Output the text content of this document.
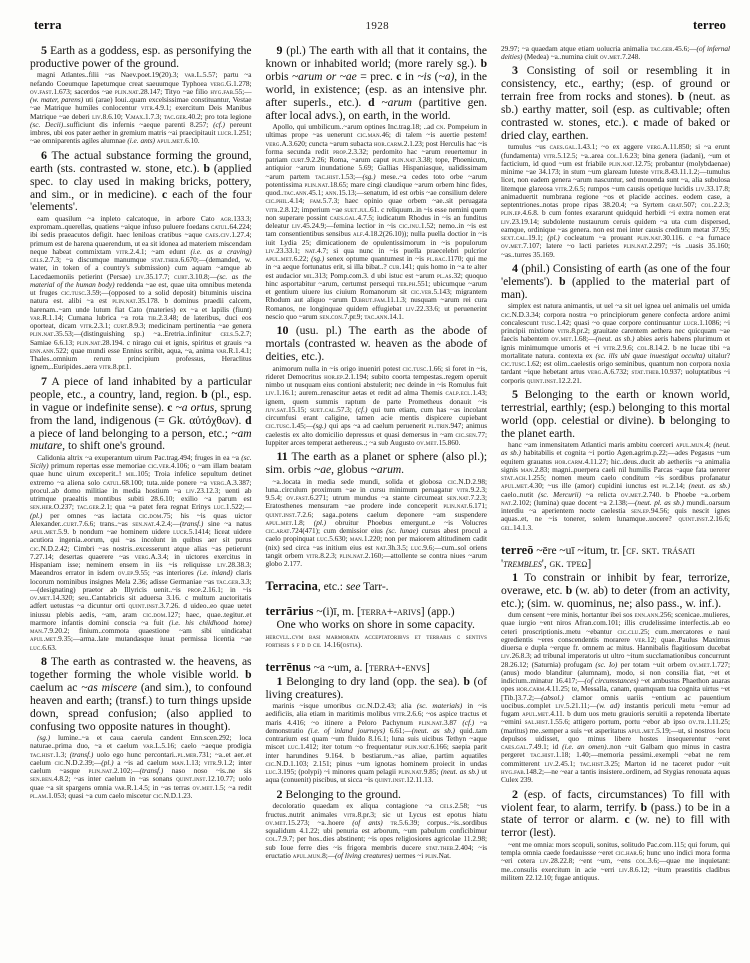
terra	1928	terreo

5 Earth as a goddess, esp. as personifying the productive power of the ground.

magni Atlantes..filii ~as Naev.poet.19(20).3; var.L.5.57; partu ~a nefando Coeumque Iapetumque creat saeuumque Typhoea verg.G.1.278; ov.fast.1.673; sacerdos ~ae plin.nat.28.147; Tityo ~ae filio hyg.fab.55;—(w. mater, parens) uti (arae) Ioui..quam excelsissimae constituantur, Vestae ~ae Matrique humiles conlocentur vitr.4.9.1; exercitum Deis Manibus Matrique ~ae deberi liv.8.6.10; V.max.1.7.3; tac.ger.40.2; pro tota legione (sc. Decii)..sufficiunt dis infernis ~aeque parenti 8.257; (cf.) pereunt imbres, ubi eos pater aether in gremium matris ~ai praecipitauit lucr.1.251; ~ae omniparentis agiles alumnae (i.e. ants) apul.met.6.10.

6 The actual substance forming the ground, earth (sts. contrasted w. stone, etc.). b (applied spec. to clay used in making bricks, pottery, and sim., or in medicine). c each of the four 'elements'.

eam quasilum ~a inpleto calcatoque, in arbore Cato agr.133.3; expromam..querellas, quatiens ~aique infuso puluere foedans catul.64.224; ibi sedis praeacutos defigit. haec leniloas cratibus ~aque caes.civ.1.27.4; primum est de harena quaerendum, ut ea sit idonea ad materiem miscendam neque habeat commixtam vitr.2.4.1; ~am edunt (i.e. as a craving) cels.2.7.3; ~a discumque manumque stat.theb.6.670;—(demanded, w. water, in token of a country's submission) cum aquam ~amque ab Lacedaemoniis petierint (Persae) liv.35.17.7; curt.3.10.8;—(sc. as the material of the human body) reddenda ~ae est, quae uita omnibus metenda ut fruges cic.tusc.3.59;—(opposed to a solid deposit) bituminis uiscina natura est. alibi ~a est plin.nat.35.178. b dominus praedii calcem, harenam..~am unde lutum fiat Cato (materies) ex ~a et lapilis (fiunt) var.R.1.14; Cumana lubrica ~a rota tib.2.3.48; de lateribus, duci eos oporteat, dicam vitr.2.3.1; curt.8.9.3; medicinam pertinentia ~ae genera plin.nat.35.53;—(distinguishing sp.) ~a..Eretria..infinitur cels.5.2.7; Samiae 6.6.13; plin.nat.28.194. c nirago cui et ignis, spiritus et grauis ~a enn.ann.522; quae mundi esse Ennius scribit, aqua, ~a, anima var.R.1.4.1; Thales..omnium rerum principium professus, Heraclitus ignem,..Euripides..aera vitr.8.pr.1.

7 A piece of land inhabited by a particular people, etc., a country, land, region. b (pl., esp. in vague or indefinite sense). c ~a ortus, sprung from the land, indigenous (= Gk. αὐτόχθων). d a piece of land belonging to a person, etc.; ~am mutare, to shift one's ground.

Calidonia altrix ~a exuperantum uirum Pac.trag.494; fruges in ea ~a (sc. Sicily) primum repertas esse memoriae cic.ver.4.106; o ~am illam beatam quae hunc uirum exceperit..! mil.105; Troia infelice sepultum detinet extremo ~a aliena solo catul.68.100; tuta..uide ponere ~a verg.A.3.387; procul..ab domo militiae in media hostium ~a liv.23.12.3; uenti ab utrimque praealtis montibus subiti 28.6.10; exilio ~a parum est sen.her.O.237; tac.ger.2.1; qua ~a patet fera regnat Erinys luc.1.522;—(pl.) per omnes ~as iactata cic.dom.75; his ~is quas uictor Alexander..curt.7.6.6; trans..~as sen.nat.4.2.4;—(transf.) sine ~a natus apul.met.5.9. b nondum ~ae hominem uidere lucr.5.1414; liceat uidere acutiora ingenia..eorum, qui ~as incolunt in quibus aer sit purus cic.N.D.2.42; Cimbri ~as nostris..excesserunt atque alias ~as petierunt 7.27.14; desertas quaerere ~as verg.A.3.4; in uictores exercitus in Hispaniam isse; neminem ensem in iis ~is reliquisse liv.28.38.3; Maeandros errator in isdem ov.ep.9.55; ~as interiores (i.e. inland) claris locorum nominibus insignes Mela 2.36; adisse Germaniae ~as tac.ger.3.3;—(designating) praetor ab Illyricis uenit..~is prop.2.16.1; in ~is ov.met.14.320; seu..Cantabricis sit aduersa 3.16. c multum auctoritatis adfert uetustas ~a dicuntur orti quint.inst.3.7.26. d uideo..eo quae uetet iniussu plebis aedis, ~am, aram cic.dom.127; haec, quae..tegitur..et marmore infantis domini conscia ~a fuit (i.e. his childhood home) man.7.9.20.2; finium..commota quaestione ~am sibi uindicabat apul.met.9.35;—arma..late mutandasque iuuat permissa licentia ~ae luc.6.63.

8 The earth as contrasted w. the heavens, as together forming the whole visible world. b caelum ac ~as miscere (and sim.), to confound heaven and earth; (transf.) to turn things upside down, spread confusion; (also applied to confusing two opposite natures in thought).

(sg.) lumine..~a et caua caerula candent Enn.scen.292; loca naturae..prima duo, ~a et caelum var.L.5.16; caelo ~aeque prodigia tac.hist.1.3; (transf.) uolo ego hunc percontari..pl.mer.731; ~a..et aer..et caelum cic.N.D.2.39;—(pl.) a ~is ad caelum man.1.13; vitr.9.1.2; inter caelum ~asque plin.nat.2.102;—(transf.) naso noso ~is..ne sis sen.ben.4.8.2; ~as inter caelum in ~as sonans quint.inst.12.10.77; uolo quae ~a sit spargens omnia var.R.1.4.5; in ~as terras ov.met.1.5; ~a redit pl.am.1.053; quasi ~a cum caelo miscetur cic.N.D.1.23.

9 (pl.) The earth with all that it contains, the known or inhabited world; (more rarely sg.). b orbis ~arum or ~ae = prec. c in ~is (~a), in the world, in existence; (esp. as an intensive phr. after superls., etc.). d ~arum (partitive gen. after local advs.), on earth, in the world.

Apollo, qui umbilicum..~arum optines Inc.trag.18; ..ad cn. Pompeium in ultimas prope ~as uenerunt cic.man.46; di talem ~is auertie pestem! verg.A.3.620; cuncta ~arum subacta hor.carm.2.1.23; post Herculis hac ~is forma secunda redit prop.2.3.32; perdomito hac ~arum reuertemur in patriam curt.9.2.26; Roma, ~arum caput plin.nat.3.38; tope, Phoenicum, antiquior ~arum inundatione 5.69; Gallias Hispaniasque, ualidissimam ~arum partem tac.hist.1.53;—(sg.) mese..~a cedes toto orbe ~arum potentissima plin.nat.18.65; mare cingi claudique ~arum orbem hinc fides, quod..tac.ann.45.1; ann.15.13;—senatum, id est orbis ~ae consilium delere cic.phil.4.14; fam.5.7.3; haec opinio quae orbem ~ae..sit peruagata vitr.2.8.12; imperium ~ae suet.jul.61. c reliquum..in ~is esse nemini quem non superare possint caes.gal.4.7.5; iudicatum Rhodus in ~is an funditus deleatur liv.45.24.9;—femina lectior in ~is cic.jnu.1.52; nemo..in ~is est tam consentientibus sensibus alf.4.18.2(26.10)); nulla puella doctior in ~is iuit Lydia 25; dimicationem de opulentissimorum in ~is populorum liv.23.33.1; nat.4.7; si qua nunc in ~is puella praecelebri pulcrior apul.met.6.22; (sg.) senex optume quantumest in ~is pl.bac.1170; qui me in ~a aeque fortunatus erit, si illa bibat..? cur.141; quis homo in ~a te alter est audacior mil.313; Pomp.com.3. d ubi istuc est ~arum pl.as.32; quoquo hinc asportabitur ~arum, certumst persequi ter.ph.551; ubicumque ~arum et gentium uiuere ius ciuium Romanorum sit cic.ver.5.143; migrantem Rhodum aut aliquo ~arum D.brut.fam.11.1.3; nusquam ~arum rei cura Romanos, ne longinquae quidem effugiebat liv.22.33.6; ut peruenerint nescio quo ~arum sen.con.7.pr.9; tac.ann.14.1.

10 (usu. pl.) The earth as the abode of mortals (contrasted w. heaven as the abode of deities, etc.).

animorum nulla in ~is origo inueniri potest cic.tusc.1.66; si foret in ~is, rideret Democritus hor.ep.2.1.194; subito coorta tempestas..regem operuit nimbo ut nusquam eius contioni abstulerit; nec deinde in ~is Romulus fuit liv.1.16.1; aurem..renascitur aetas et redit ad alma Themis calp.ecl.1.43; ignem, quem summis raptum de parte Prometheus donauit ~is juv.sat.15.15; suet.cal.57.3; (cf.) qui tum etiam, cum has ~as incolant circumfusi erant caligine, tamen acie mentis dispicere cupiebant cic.tusc.1.45;—(sg.) qui aps ~a ad caelum peruenerit pl.trin.947; animus caelestis ex alto domicilio depressus et quasi demersus in ~am cic.sen.77; Iuppiter arces temperat aethereus..; ~a sub Augusto ov.met.15.860.

11 The earth as a planet or sphere (also pl.); sim. orbis ~ae, globus ~arum.

~a..locata in media sede mundi, solida et globosa cic.N.D.2.98; luna..circulum proximum ~ae in cursu minimum peruagatur vitr.9.2.3; 9.5.4; ov.fast.6.271; utrum mundus ~a stante circumeat sen.nat.7.2.3; Eratosthenes mensuram ~ae prodere inde conceperit plin.nat.6.171; quint.inst.7.2.6; saga..potens caelum deponere ~am suspendere apul.met.1.8; (pl.) obruitur Phoebus emergunt..e ~is Volucres cic.arat.724(471); cum demissior eius (sc. lunae) cursus abest procul a caelo propinquat luc.5.630; man.1.220; non per maiorem altitudinem cadit (nix) sed circa ~as initium eius est nat.3h.3.5; luc.9.6;—cum..sol oriens tangit orbem vitr.8.2.3; plin.nat.2.160;—attollente se contra niues ~arum globo 2.177.

Terracina, etc.: see Tarr-.

terrārius ~(i)ī, m. [terra+-arivs] (app.)

One who works on shore in some capacity.

hercvli..cvm basi marmorata acceptatoribvs et terraris c sentivs forthsis s f d d cil 14.16(ostia).

terrēnus ~a ~um, a. [terra+-envs]

1 Belonging to dry land (opp. the sea). b (of living creatures).

marinis ~isque umoribus cic.N.D.2.43; alia (sc. materials) in ~is aedificiis, alia etiam in maritimis molibus vitr.2.6.6; ~os aspice tractus et maris 4.416; ~o itinere a Peloro Pachynum plin.nat.3.87 (cf.) ~a demonstratio (i.e. of inland journeys) 6.61;—(neut. as sb.) quid..tam contrarium est quam ~um fluido 8.16.1; luna suis uicibus Tethyn ~aque miscet luc.1.412; iter totum ~o frequentatur plin.nat.6.166; saepia parit inter harundines 9.164. b bestiarum..~as aliae, partim aquatiles cic.N.D.1.103; 2.151; pinus ~um ignotas hominem proiecit in undas luc.3.195; (polypi) ~i minores quam pelagii plin.nat.9.85; (neut. as sb.) ut aqua (conuenit) piscibus, ut sicca ~is quint.inst.12.11.13.

2 Belonging to the ground.

decoloratio quaedam ex aliqua contagione ~a cels.2.58; ~us fructus..nutrit animales vitr.8.pr.3; sic ut Lycus est epotus hiatu ov.met.15.273; ~a..hoere (of ants) tr.5.6.39; corpus..~is..sordibus squalidum 4.1.22; ubi penuria est arborum, ~um pabulum conficibimur col.7.9.7; per hos..dies abstinent; ~is opes religiosiores agricolae 11.2.98; sub Ioue ferre dies ~is frigora membris ducere stat.theb.2.404; ~is eructatio apul.mun.8;—(of living creatures) uermes ~i plin.Nat.

29.97; ~a quaedam atque etiam uolucria animalia tac.ger.45.6;—(of infernal deities) (Medea) ~a..numina ciuit ov.met.7.248.

3 Consisting of soil or resembling it in consistency, etc., earthy; (esp. of ground or terrain free from rocks and stones). b (neut. as sb.) earthy matter, soil (esp. as cultivable; often contrasted w. stones, etc.). c made of baked or dried clay, earthen.

tumulus ~us caes.gal.1.43.1; ~o ex aggere verg.A.11.850; si ~a erunt (fundamenta) vitr.5.12.5; ~a..area col.1.6.23; bina genera (iadani), ~um et facticium, id quod ~um est friabile plin.nat.12.75; probantur (molybdaenae) minime ~ae 34.173; in stum ~um glaream luteste vitr.8.43.11.1.2;—tumulus licet, non eadem genera ~arum nascuntur, sed mouenda sunt ~a, alia subulosa litemque glareosa vitr.2.6.5; rumpos ~um causis opetique lucidis liv.33.17.8; animaduertit numbrana regione ~os et placide accines. eodem case, a septentriones..notas prope ripas 38.20.4; ~a Syrtem grat.507; col.2.2.3; plin.ep.4.6.8. b cum fontes exararunt quidquid herbidi ~i extra nomen erat liv.23.19.14; subdolente nustaurum ceruis quidem ~a uta cum dispersed, eamque, ordinique ~as genera. non est mei inter causis creditum metat 37.95; sext.cal.19.1; (pl.) cocleatum ~a prouant plin.nat.30.116. c ~a furnace ov.met.7.107; latere ~o lacti parietes plin.nat.2.297; ~is ..uasis 35.160; ~as..turres 35.169.

4 (phil.) Consisting of earth (as one of the four 'elements'). b (applied to the material part of man).

simplex est natura animantis, ut uel ~a sit uel ignea uel animalis uel umida cic.N.D.3.34; corpora nostra ~o principiorum genere confecta ardore animi concalescunt tusc.1.42; quasi ~o quae corpore continuantur lucr.1.1086; ~i principii mixtione vitr.8.pr.2; grauitate carentem aethera nec quicquam ~ae faecis habentem ov.met.1.68;—(neut. as sb.) abies aeris habens plurimum et ignis minimumque umoris et ~i vitr.2.9.6; col.8.14.2. b ne lucae tibi ~a mortalitate natura. contexta ex (sc. ills ubi quae inuestigat occulta) uitalur? cic.tusc.1.62; est olim..caelestis origo seminibus, quantum non corpora noxia tardant ~ique hebetant artus verg.A.6.732; stat.theb.10.937; uoluptatibus ~i corporis quint.inst.12.2.21.

5 Belonging to the earth or known world, terrestrial, earthly; (esp.) belonging to this mortal world (opp. celestial or divine). b belonging to the planet earth.

hanc ~am inmensitatem Atlantici maris ambitu coerceri apul.mun.4; (neut. as sb.) habitabilis et cognita ~i portio Agen.agrim.p.22;—ades Pegasus ~um equitem grauatus hor.carm.4.11.27; hic..deus..ducit ab aetheriis ~a animalia signis man.2.83; magni..puerpera caeli nil humilis Parcas ~aque fata uererer stat.ach.1.255; nomen meum caelo conditum ~is sordibus profanatur apul.met.4.30; ~us ille (amor) cupidini iunctus est pl.2.14; (neut. as sb.) caelo..nutit (sc. Mercurii) ~a relicta ov.met.2.740. b Phoebe ~a..orbem nat.2.102; (lumina) quae docent ~a 2.138;—(neut. pl. as sb.) mundi..oarsum interdiu ~a aperientem nocte caelestia sen.ep.94.56; quis nescit ignes aquas..et, ne ~is tonerer, solem lunamque..uocere? quint.inst.2.16.6; gel.14.1.3.

terreō ~ēre ~uī ~itum, tr. [cf. skt. trásati 'trembles', gk. τρέω]

1 To constrain or inhibit by fear, terrorize, overawe, etc. b (w. ab) to deter (from an activity, etc.); (sim. w. quominus, ne; also pass., w. inf.).

dum censent ~ere minis, hortantur ibei sos enn.ann.256; scenicae..mulieres, quae iurgio ~ent niros Afran.com.101; illis crudelissime interfectis..ab eo ceteri proscriptionis..metu ~ebantur cic.clu.25; cum..mercatores e naui egredientis ~eres conscendentis morarere ver.12; quae..Paulus Maximus diuersa e dupla ~erque fr. omnem ac mitus. Hannibalis flagitiosum ducebat liv.26.8.3; ad tribunal imperatoris ut ultro ~itum succlamationibus concurrunt 28.26.12; (Saturnia) profugam (sc. Io) per totam ~uit orbem ov.met.1.727; (anus) modo blanditur (alumnam), modo, si non consilia fiat, ~et et indicium..minatur 16.417;—(of circumstances) ~et ambustus Phaethon auaras opes hor.carm.4.11.25; te, Messalla, canam, quamquam tua cognita uirtus ~et [Tib.]3.7.2;—(absol.) clamor omnis uariis ~entium ac pauentium uocibus..complet liv.5.21.11;—(w. ad) instantis periculi metu ~emur ad fugam apul.met.4.11. b dum uos metu grauioris seruitii a repetenda libertate ~emini sal.hist.1.55.6; attigero portum, portu ~ebor ab ipso ov.tr.1.11.25; (maritus) me..semper a suis ~et asperitatus apul.met.5.19;—ut, si nostros locu depulsos uidisset, quo minus libere hostes insequerentur ~eret caes.gal.7.49.1; id (i.e. an omen)..non ~uit Galbam quo minus in castra pergeret tac.hist.1.18; 1.40;—memoria pessimi..exempli ~ebat ne rem committerent liv.2.45.1; tac.hist.3.25; Marton id ne taceret pudor ~uit hyg.fab.148.2;—ne ~ear a tantis insistere..ordinem, ad Stygias renouata aquas Culex 239.

2 (esp. of facts, circumstances) To fill with violent fear, to alarm, terrify. b (pass.) to be in a state of terror or alarm. c (w. ne) to fill with terror (lest).

~ent me omnia: mors scopuli, sonitus, solitudo Pac.com.115; qui forum, qui templa omnia caede foedauissse ~eret cic.har.6; hunc uno indici mora forma ~eri cetera liv.28.22.8; ~ent ~um, ~ens col.3.6;—quae me inquietant: me..consulis exercitum in acie ~erri liv.8.6.12; ~itum praestitis cladibus militem 22.12.10; fugae antiquus.
